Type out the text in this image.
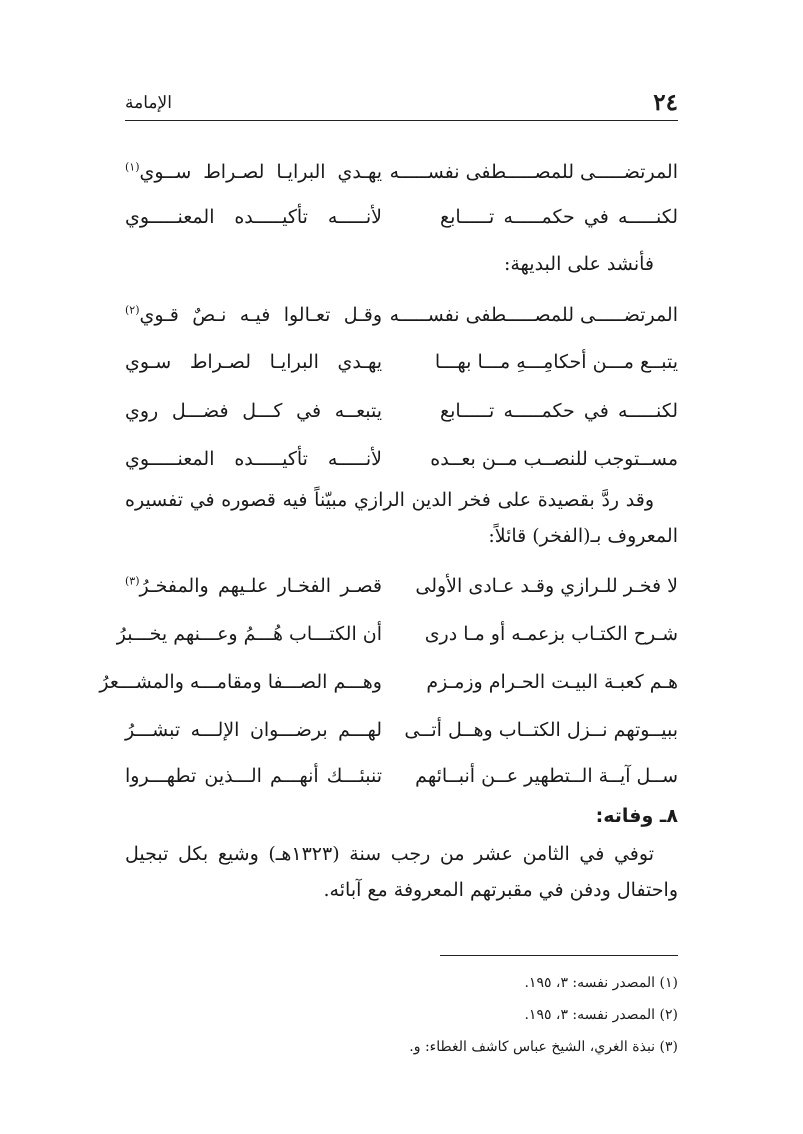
٢٤
الإمامة
المرتضـــــى للمصـــــطفى نفســـــه
يهـدي البرايـا لصـراط ســوي$^{(١)}$
لكنـــــه في حكمـــــه تـــــابع
لأنـــــه تأكيـــــده المعنـــــوي

فأنشد على البديهة:

المرتضـــــى للمصـــــطفى نفســـــه
وقـل تعـالوا فيـه نـصٌ قـوي$^{(٢)}$
يتبــع مـــن أحكامِـــهِ مـــا بهـــا
يهـدي البرايـا لصـراط سـوي
لكنـــــه في حكمـــــه تـــــابع
يتبعــه في كـــل فضـــل روي
مســتوجب للنصــب مــن بعــده
لأنـــــه تأكيـــــده المعنـــــوي

وقد ردَّ بقصيدة على فخر الدين الرازي مبيّناً فيه قصوره في تفسيره المعروف بـ(الفخر) قائلاً:

لا فخـر للـرازي وقـد عـادى الأولى
قصـر الفخـار علـيهم والمفخـرُ$^{(٣)}$
شـرح الكتـاب بزعمـه أو مـا درى
أن الكتـــاب هُـــمُ وعـــنهم يخـــبرُ
هـم كعبـة البيـت الحـرام وزمـزم
وهـــم الصـــفا ومقامـــه والمشـــعرُ
ببيــوتهم نــزل الكتــاب وهــل أتــى
لهـــم برضـــوان الإلـــه تبشـــرُ
ســل آيــة الــتطهير عــن أنبــائهم
تنبئـــك أنهـــم الـــذين تطهـــروا
٨ـ وفاته:

توفي في الثامن عشر من رجب سنة (١٣٢٣هـ) وشيع بكل تبجيل واحتفال ودفن في مقبرتهم المعروفة مع آبائه.

(١) المصدر نفسه: ٣، ١٩٥.
(٢) المصدر نفسه: ٣، ١٩٥.
(٣) نبذة الغري، الشيخ عباس كاشف الغطاء: و.
